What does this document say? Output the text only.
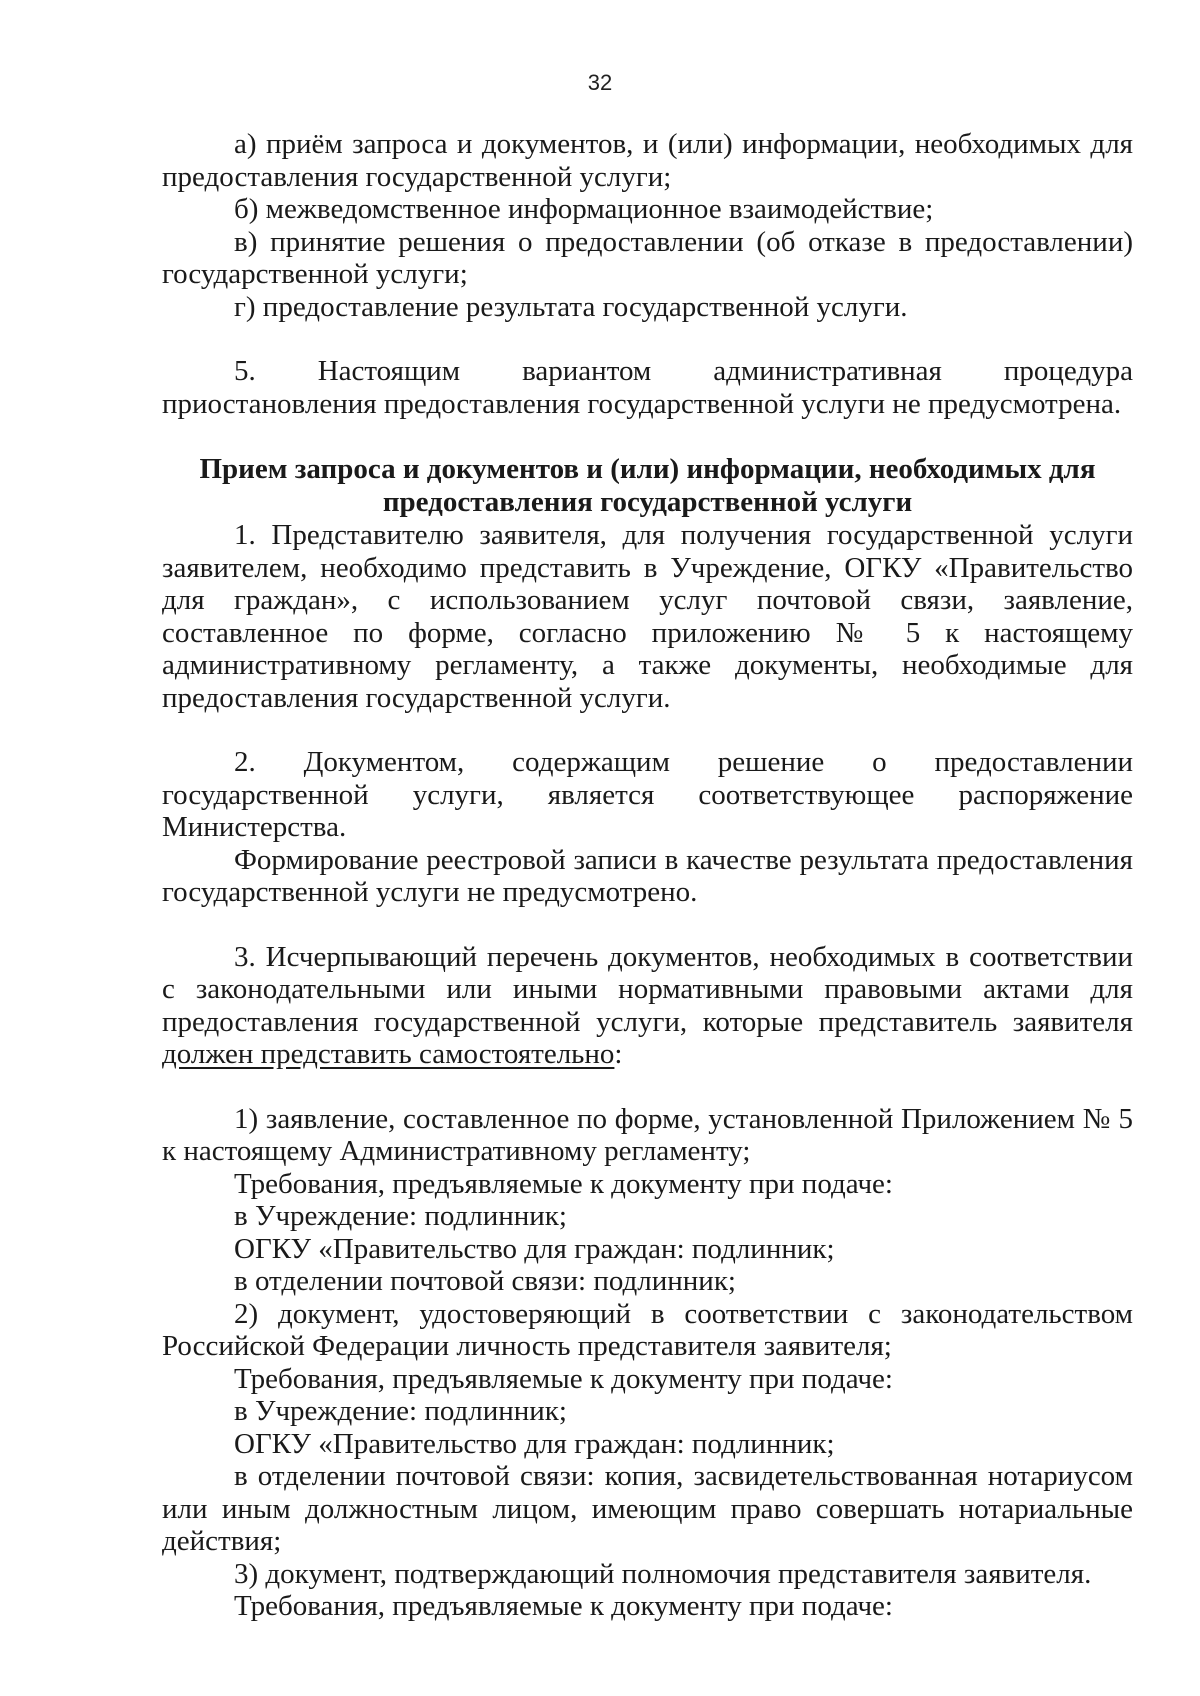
32

а) приём запроса и документов, и (или) информации, необходимых для предоставления государственной услуги;

б) межведомственное информационное взаимодействие;

в) принятие решения о предоставлении (об отказе в предоставлении) государственной услуги;

г) предоставление результата государственной услуги.

5. Настоящим вариантом административная процедура приостановления предоставления государственной услуги не предусмотрена.

Прием запроса и документов и (или) информации, необходимых для
предоставления государственной услуги

1. Представителю заявителя, для получения государственной услуги заявителем, необходимо представить в Учреждение, ОГКУ «Правительство для граждан», с использованием услуг почтовой связи, заявление, составленное по форме, согласно приложению № 5 к настоящему административному регламенту, а также документы, необходимые для предоставления государственной услуги.

2. Документом, содержащим решение о предоставлении государственной услуги, является соответствующее распоряжение Министерства.

Формирование реестровой записи в качестве результата предоставления государственной услуги не предусмотрено.

3. Исчерпывающий перечень документов, необходимых в соответствии с законодательными или иными нормативными правовыми актами для предоставления государственной услуги, которые представитель заявителя должен представить самостоятельно:

1) заявление, составленное по форме, установленной Приложением № 5 к настоящему Административному регламенту;

Требования, предъявляемые к документу при подаче:

в Учреждение: подлинник;

ОГКУ «Правительство для граждан: подлинник;

в отделении почтовой связи: подлинник;

2) документ, удостоверяющий в соответствии с законодательством Российской Федерации личность представителя заявителя;

Требования, предъявляемые к документу при подаче:

в Учреждение: подлинник;

ОГКУ «Правительство для граждан: подлинник;

в отделении почтовой связи: копия, засвидетельствованная нотариусом или иным должностным лицом, имеющим право совершать нотариальные действия;

3) документ, подтверждающий полномочия представителя заявителя.

Требования, предъявляемые к документу при подаче:
